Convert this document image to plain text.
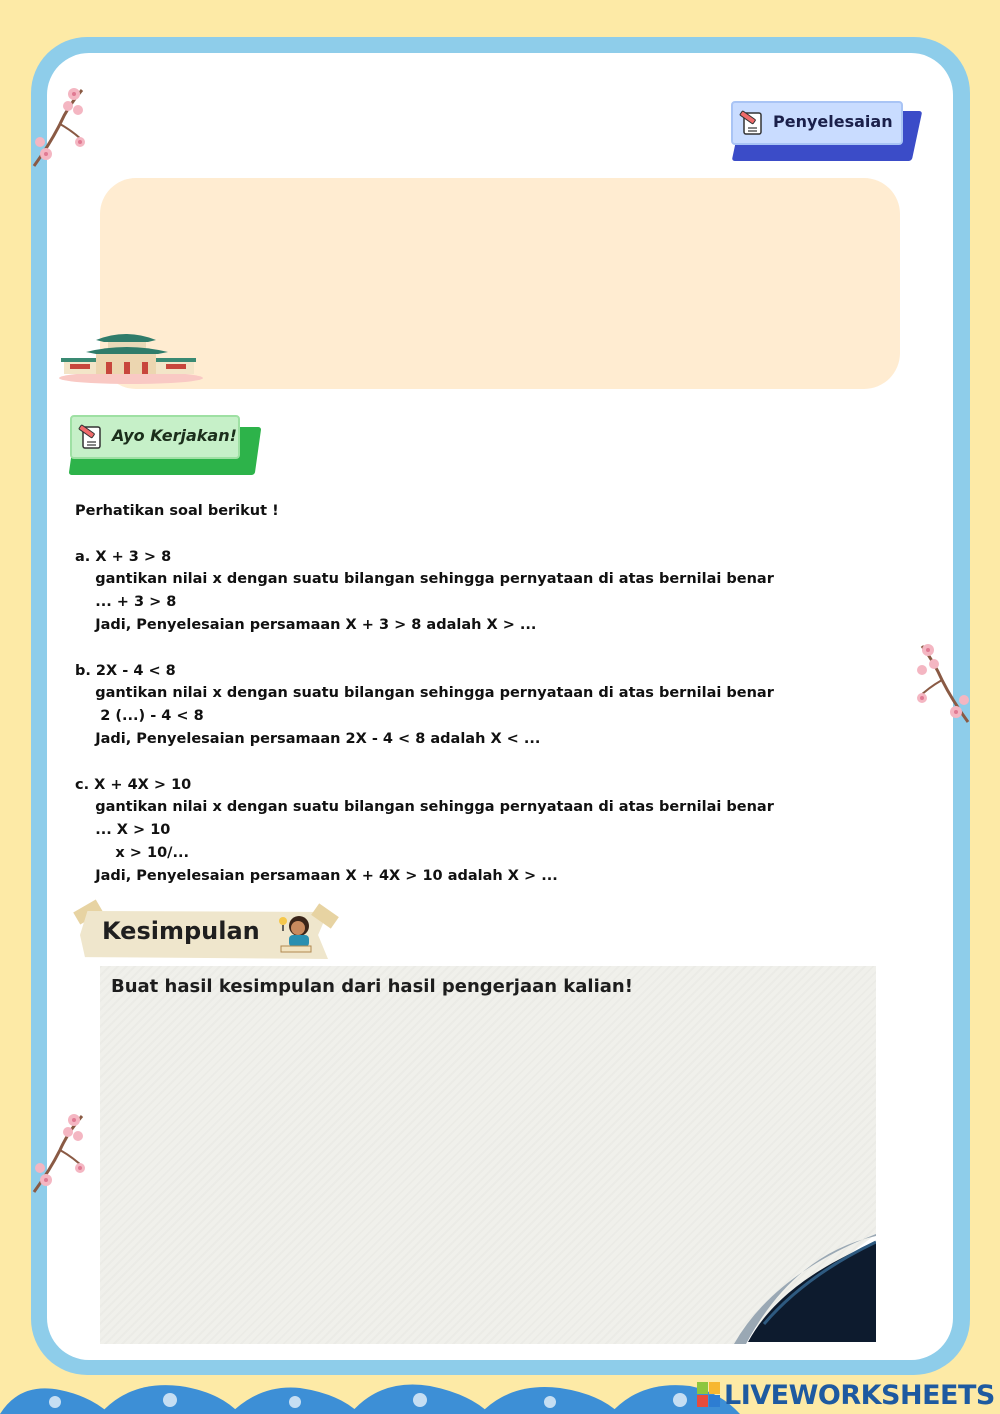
Penyelesaian
Ayo Kerjakan!
Perhatikan soal berikut !
a. X + 3 > 8
gantikan nilai x dengan suatu bilangan sehingga pernyataan di atas bernilai benar
... + 3 > 8
Jadi, Penyelesaian persamaan X + 3 > 8 adalah X > ...
b. 2X - 4 < 8
gantikan nilai x dengan suatu bilangan sehingga pernyataan di atas bernilai benar
2 (...) - 4 < 8
Jadi, Penyelesaian persamaan 2X - 4 < 8 adalah X < ...
c. X + 4X > 10
gantikan nilai x dengan suatu bilangan sehingga pernyataan di atas bernilai benar
... X > 10
x > 10/...
Jadi, Penyelesaian persamaan X + 4X > 10 adalah X > ...
Kesimpulan
Buat hasil kesimpulan dari hasil pengerjaan kalian!
LIVEWORKSHEETS
